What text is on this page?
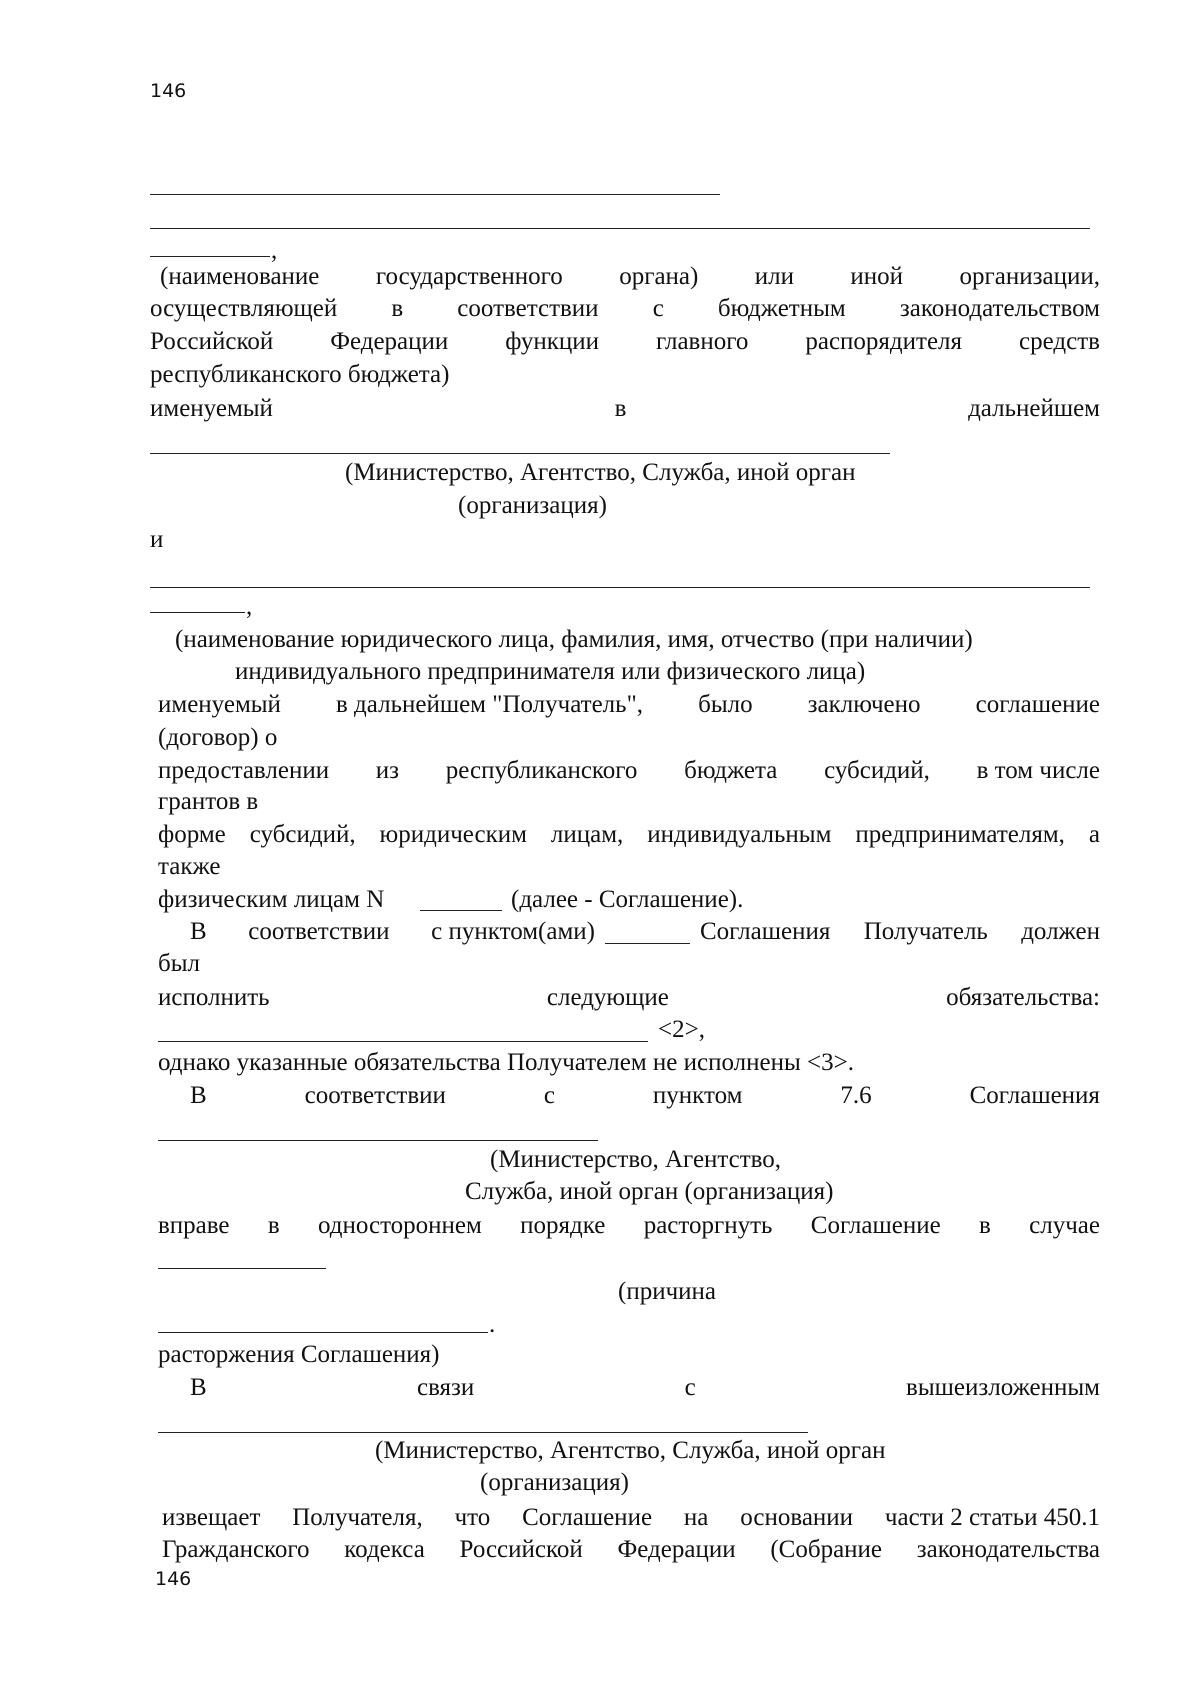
146
146
,
(наименование государственного органа) или иной организации,
осуществляющей в соответствии с бюджетным законодательством
Российской Федерации функции главного распорядителя средств
республиканского бюджета)
именуемый	в	дальнейшем
(Министерство, Агентство, Служба, иной орган
(организация)
и
,
(наименование юридического лица, фамилия, имя, отчество (при наличии)
индивидуального предпринимателя или физического лица)
именуемый в дальнейшем "Получатель", было заключено соглашение
(договор) о
предоставлении из республиканского бюджета субсидий, в том числе
грантов в
форме субсидий, юридическим лицам, индивидуальным предпринимателям, а
также
физическим лицам N	(далее - Соглашение).
В соответствии с пунктом(ами)	Соглашения Получатель должен
был
исполнить	следующие	обязательства:
<2>,
однако указанные обязательства Получателем не исполнены <3>.
В	соответствии	с	пунктом	7.6	Соглашения
(Министерство, Агентство,
Служба, иной орган (организация)
вправе в одностороннем порядке расторгнуть Соглашение в случае
(причина
.
расторжения Соглашения)
В	связи	с	вышеизложенным
(Министерство, Агентство, Служба, иной орган
(организация)
извещает Получателя, что Соглашение на основании части 2 статьи 450.1
Гражданского кодекса Российской Федерации (Собрание законодательства
